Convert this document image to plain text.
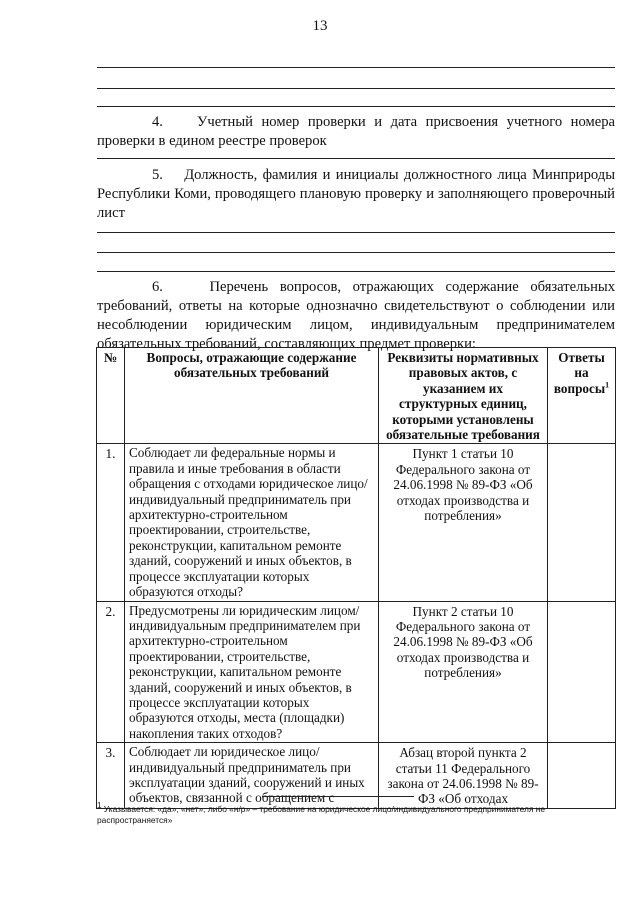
13
4. Учетный номер проверки и дата присвоения учетного номера проверки в едином реестре проверок
5. Должность, фамилия и инициалы должностного лица Минприроды Республики Коми, проводящего плановую проверку и заполняющего проверочный лист
6.	Перечень вопросов, отражающих содержание обязательных требований, ответы на которые однозначно свидетельствуют о соблюдении или несоблюдении юридическим лицом, индивидуальным предпринимателем обязательных требований, составляющих предмет проверки:
№	Вопросы, отражающие содержание обязательных требований	Реквизиты нормативных правовых актов, с указанием их структурных единиц, которыми установлены обязательные требования	Ответы на вопросы$^1$
1.	Соблюдает ли федеральные нормы и правила и иные требования в области обращения с отходами юридическое лицо/ индивидуальный предприниматель при архитектурно-строительном проектировании, строительстве, реконструкции, капитальном ремонте зданий, сооружений и иных объектов, в процессе эксплуатации которых образуются отходы?	Пункт 1 статьи 10 Федерального закона от 24.06.1998 № 89-ФЗ «Об отходах производства и потребления»	
2.	Предусмотрены ли юридическим лицом/ индивидуальным предпринимателем при архитектурно-строительном проектировании, строительстве, реконструкции, капитальном ремонте зданий, сооружений и иных объектов, в процессе эксплуатации которых образуются отходы, места (площадки) накопления таких отходов?	Пункт 2 статьи 10 Федерального закона от 24.06.1998 № 89-ФЗ «Об отходах производства и потребления»	
3.	Соблюдает ли юридическое лицо/ индивидуальный предприниматель при эксплуатации зданий, сооружений и иных объектов, связанной с обращением с	Абзац второй пункта 2 статьи 11 Федерального закона от 24.06.1998 № 89-ФЗ «Об отходах	
$^1$ Указывается: «да», «нет», либо «н/р» – требование на юридическое лицо/индивидуального предпринимателя не распространяется»
